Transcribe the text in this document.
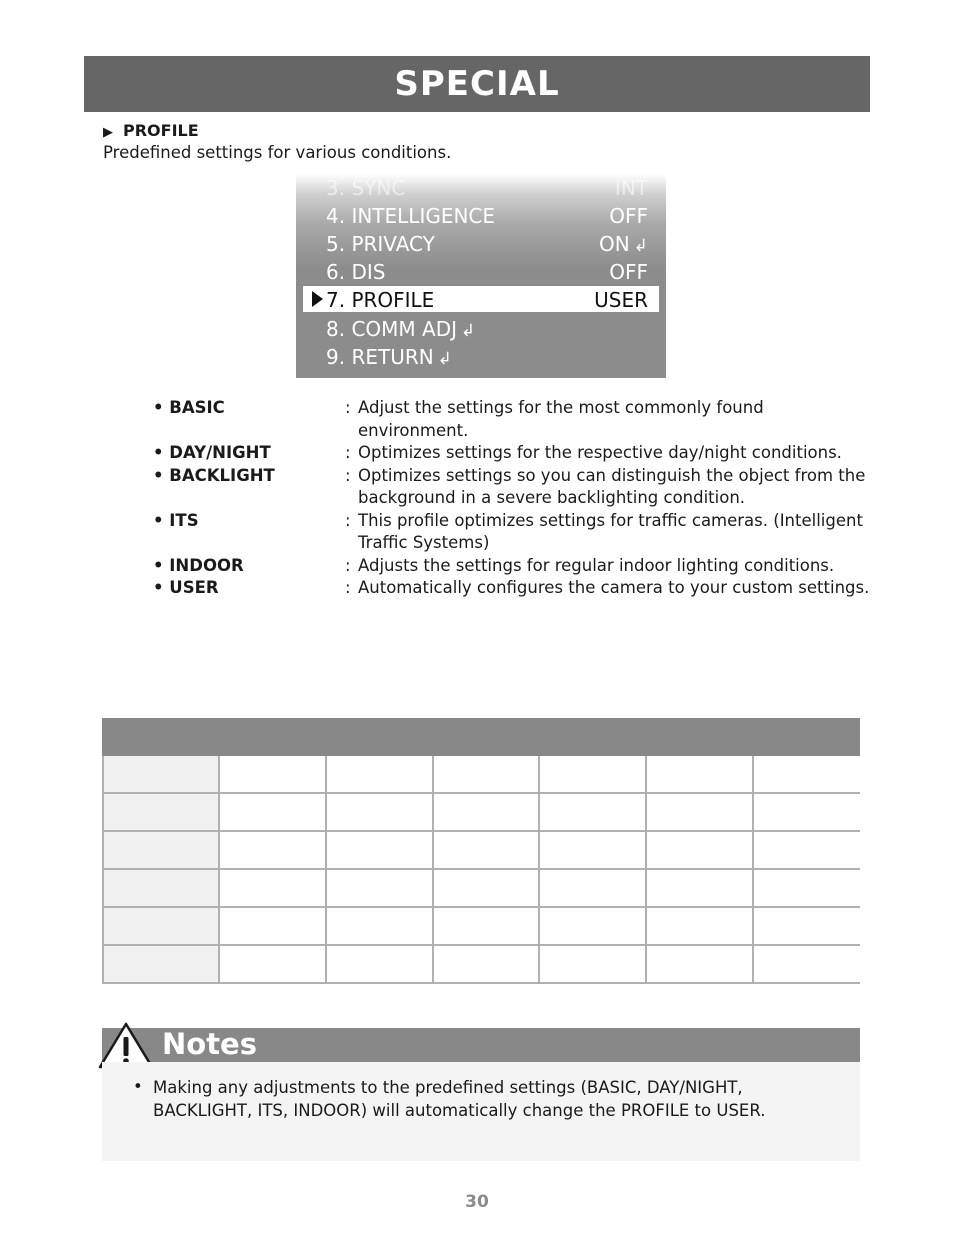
SPECIAL
▶ PROFILE
Predefined settings for various conditions.
3. SYNC	INT
4. INTELLIGENCE	OFF
5. PRIVACY	ON ↲
6. DIS	OFF
7. PROFILE	USER
8. COMM ADJ ↲
9. RETURN ↲
• BASIC	: Adjust the settings for the most commonly found environment.
• DAY/NIGHT	: Optimizes settings for the respective day/night conditions.
• BACKLIGHT	: Optimizes settings so you can distinguish the object from the background in a severe backlighting condition.
• ITS	: This profile optimizes settings for traffic cameras. (Intelligent Traffic Systems)
• INDOOR	: Adjusts the settings for regular indoor lighting conditions.
• USER	: Automatically configures the camera to your custom settings.

Notes
• Making any adjustments to the predefined settings (BASIC, DAY/NIGHT, BACKLIGHT, ITS, INDOOR) will automatically change the PROFILE to USER.
30
